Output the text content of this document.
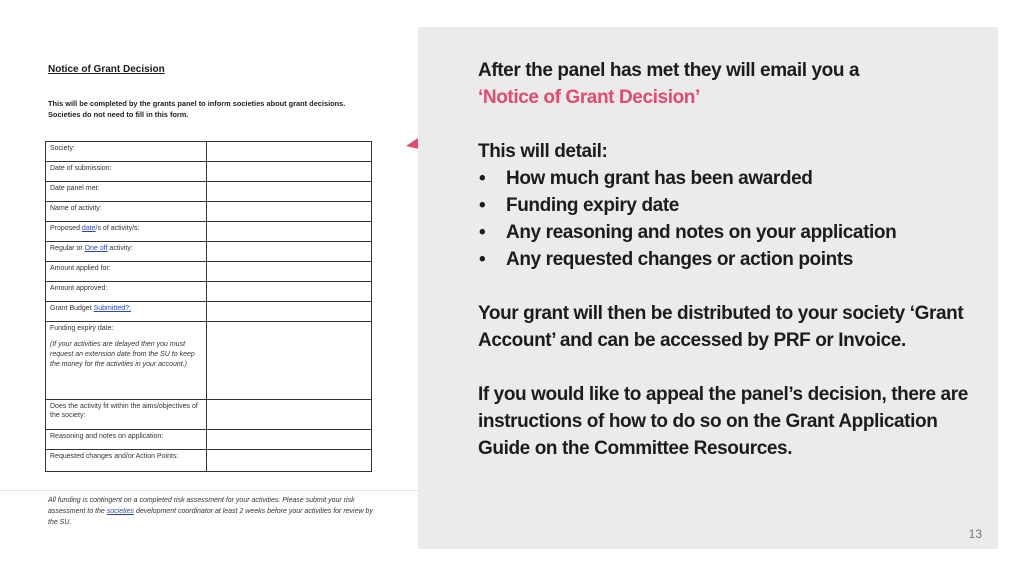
Notice of Grant Decision
This will be completed by the grants panel to inform societies about grant decisions. Societies do not need to fill in this form.
Society:	
Date of submission:	
Date panel met:	
Name of activity:	
Proposed date/s of activity/s:	
Regular or One off activity:	
Amount applied for:	
Amount approved:	
Grant Budget Submitted?:	

Funding expiry date:
(If your activities are delayed then you must request an extension date from the SU to keep the money for the activities in your account.)	

Does the activity fit within the aims/objectives of the society:	
Reasoning and notes on application:	
Requested changes and/or Action Points:	
All funding is contingent on a completed risk assessment for your activities. Please submit your risk assessment to the societies development coordinator at least 2 weeks before your activities for review by the SU.

After the panel has met they will email you a

‘Notice of Grant Decision’

This will detail:

• How much grant has been awarded
• Funding expiry date
• Any reasoning and notes on your application
• Any requested changes or action points

Your grant will then be distributed to your society ‘Grant Account’ and can be accessed by PRF or Invoice.

If you would like to appeal the panel’s decision, there are instructions of how to do so on the Grant Application Guide on the Committee Resources.

13
